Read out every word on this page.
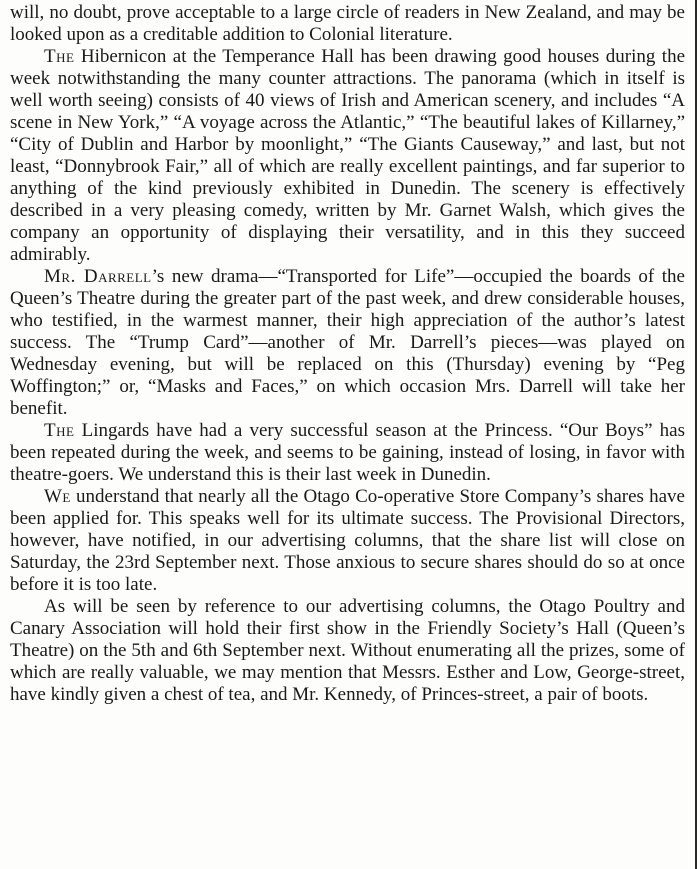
will, no doubt, prove acceptable to a large circle of readers in New Zealand, and may be looked upon as a creditable addition to Colonial literature.

The Hibernicon at the Temperance Hall has been drawing good houses during the week notwithstanding the many counter attractions. The panorama (which in itself is well worth seeing) consists of 40 views of Irish and American scenery, and includes “A scene in New York,” “A voyage across the Atlantic,” “The beautiful lakes of Killarney,” “City of Dublin and Harbor by moonlight,” “The Giants Causeway,” and last, but not least, “Donnybrook Fair,” all of which are really excellent paintings, and far superior to anything of the kind previously exhibited in Dunedin. The scenery is effectively described in a very pleasing comedy, written by Mr. Garnet Walsh, which gives the company an opportunity of displaying their versatility, and in this they succeed admirably.

Mr. Darrell’s new drama—“Transported for Life”—occupied the boards of the Queen’s Theatre during the greater part of the past week, and drew considerable houses, who testified, in the warmest manner, their high appreciation of the author’s latest success. The “Trump Card”—another of Mr. Darrell’s pieces—was played on Wednesday evening, but will be replaced on this (Thursday) evening by “Peg Woffington;” or, “Masks and Faces,” on which occasion Mrs. Darrell will take her benefit.

The Lingards have had a very successful season at the Princess. “Our Boys” has been repeated during the week, and seems to be gaining, instead of losing, in favor with theatre-goers. We understand this is their last week in Dunedin.

We understand that nearly all the Otago Co-operative Store Company’s shares have been applied for. This speaks well for its ultimate success. The Provisional Directors, however, have notified, in our advertising columns, that the share list will close on Saturday, the 23rd September next. Those anxious to secure shares should do so at once before it is too late.

As will be seen by reference to our advertising columns, the Otago Poultry and Canary Association will hold their first show in the Friendly Society’s Hall (Queen’s Theatre) on the 5th and 6th September next. Without enumerating all the prizes, some of which are really valuable, we may mention that Messrs. Esther and Low, George-street, have kindly given a chest of tea, and Mr. Kennedy, of Princes-street, a pair of boots.
